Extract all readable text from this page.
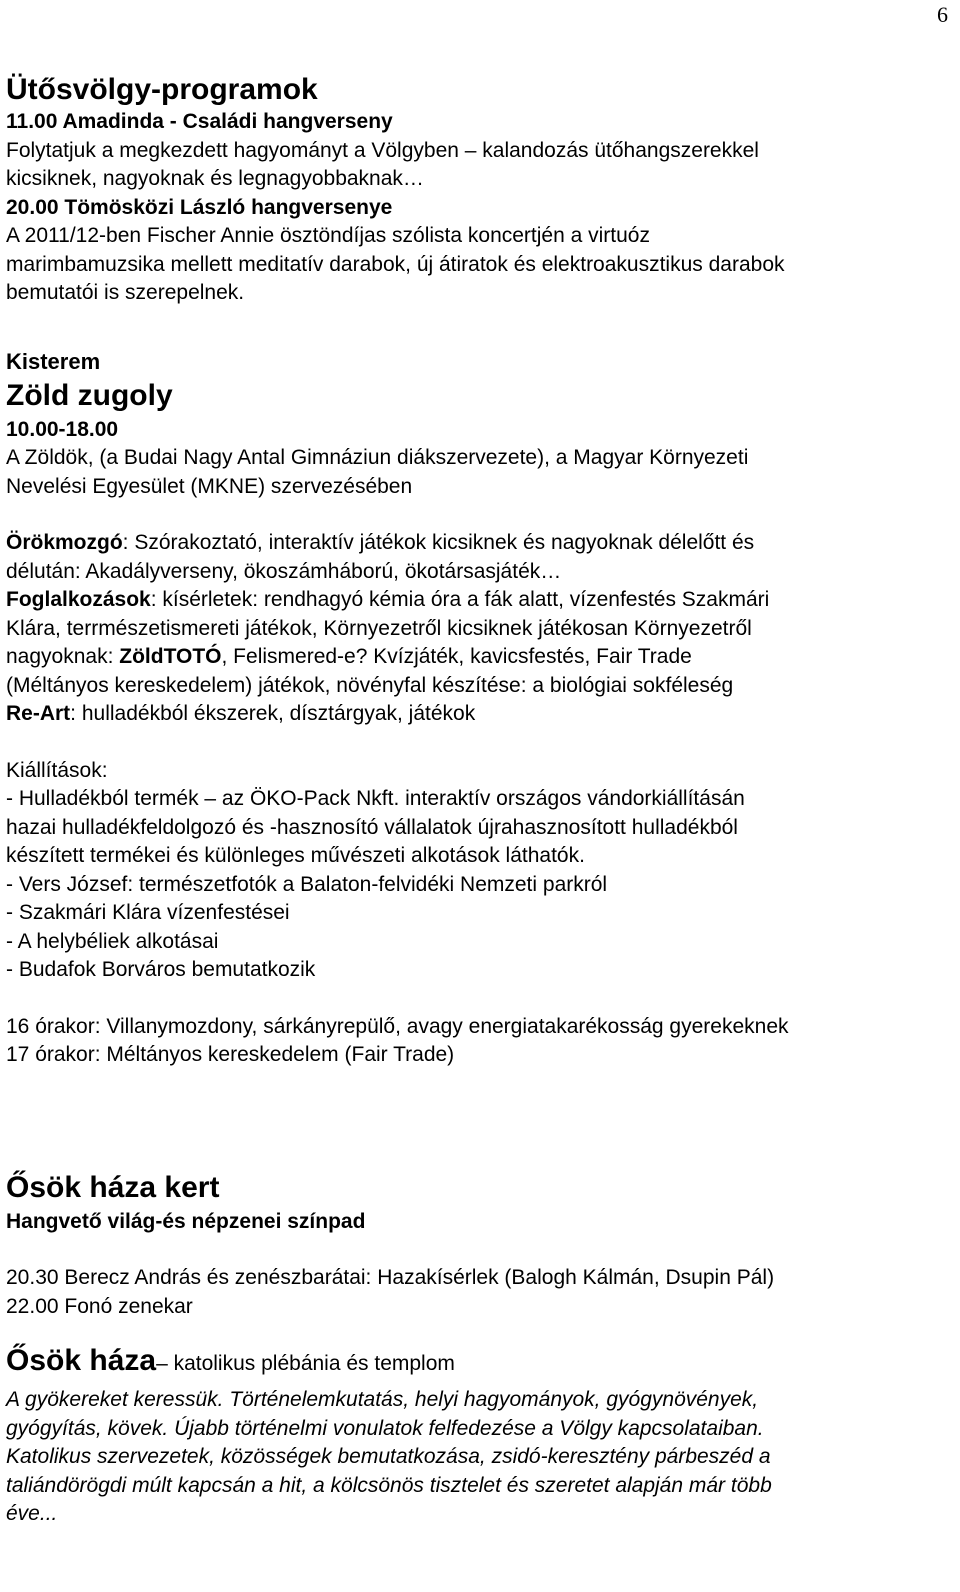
6
Ütősvölgy-programok
11.00 Amadinda - Családi hangverseny
Folytatjuk a megkezdett hagyományt a Völgyben – kalandozás ütőhangszerekkel
kicsiknek, nagyoknak és legnagyobbaknak…
20.00 Tömösközi László hangversenye
A 2011/12-ben Fischer Annie ösztöndíjas szólista koncertjén a virtuóz
marimbamuzsika mellett meditatív darabok, új átiratok és elektroakusztikus darabok
bemutatói is szerepelnek.
Kisterem
Zöld zugoly
10.00-18.00
A Zöldök, (a Budai Nagy Antal Gimnáziun diákszervezete), a Magyar Környezeti
Nevelési Egyesület (MKNE) szervezésében
Örökmozgó: Szórakoztató, interaktív játékok kicsiknek és nagyoknak délelőtt és
délután: Akadályverseny, ökoszámháború, ökotársasjáték…
Foglalkozások: kísérletek: rendhagyó kémia óra a fák alatt, vízenfestés Szakmári
Klára, terrmészetismereti játékok, Környezetről kicsiknek játékosan Környezetről
nagyoknak: ZöldTOTÓ, Felismered-e? Kvízjáték, kavicsfestés, Fair Trade
(Méltányos kereskedelem) játékok, növényfal készítése: a biológiai sokféleség
Re-Art: hulladékból ékszerek, dísztárgyak, játékok
Kiállítások:
- Hulladékból termék – az ÖKO-Pack Nkft. interaktív országos vándorkiállításán
hazai hulladékfeldolgozó és -hasznosító vállalatok újrahasznosított hulladékból
készített termékei és különleges művészeti alkotások láthatók.
- Vers József: természetfotók a Balaton-felvidéki Nemzeti parkról
- Szakmári Klára vízenfestései
- A helybéliek alkotásai
- Budafok Borváros bemutatkozik
16 órakor: Villanymozdony, sárkányrepülő, avagy energiatakarékosság gyerekeknek
17 órakor: Méltányos kereskedelem (Fair Trade)
Ősök háza kert
Hangvető világ-és népzenei színpad
20.30 Berecz András és zenészbarátai: Hazakísérlek (Balogh Kálmán, Dsupin Pál)
22.00 Fonó zenekar
Ősök háza– katolikus plébánia és templom
A gyökereket keressük. Történelemkutatás, helyi hagyományok, gyógynövények,
gyógyítás, kövek. Újabb történelmi vonulatok felfedezése a Völgy kapcsolataiban.
Katolikus szervezetek, közösségek bemutatkozása, zsidó-keresztény párbeszéd a
taliándörögdi múlt kapcsán a hit, a kölcsönös tisztelet és szeretet alapján már több
éve...
